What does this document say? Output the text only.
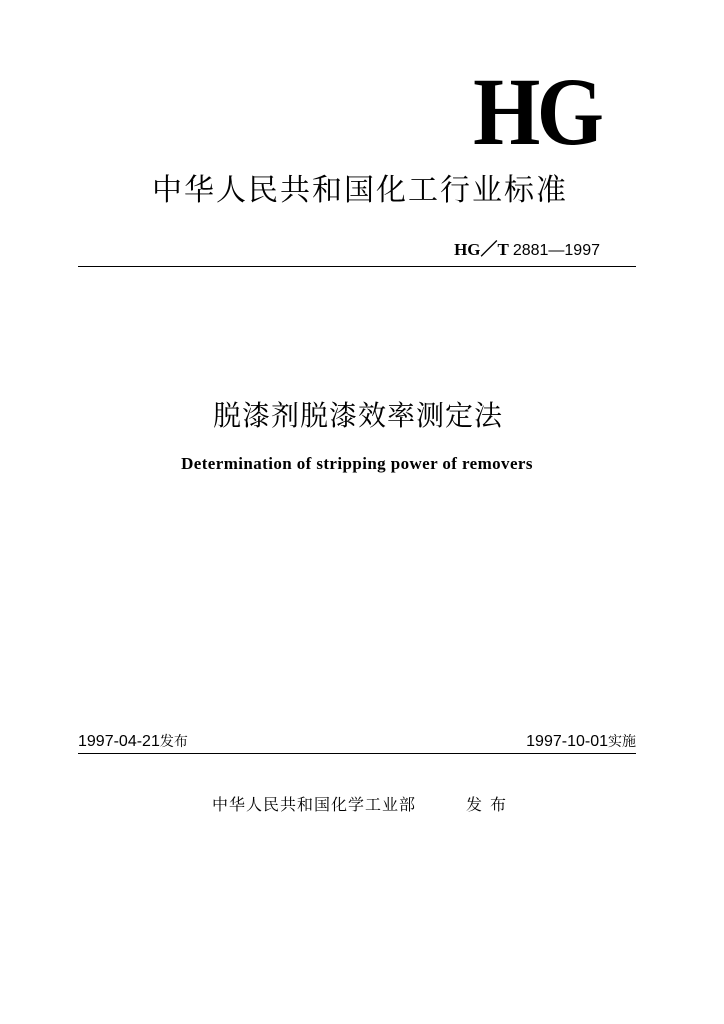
HG
中华人民共和国化工行业标准
HG／T 2881—1997
脱漆剂脱漆效率测定法
Determination of stripping power of removers
1997-04-21发布	1997-10-01实施
中华人民共和国化学工业部	发布
